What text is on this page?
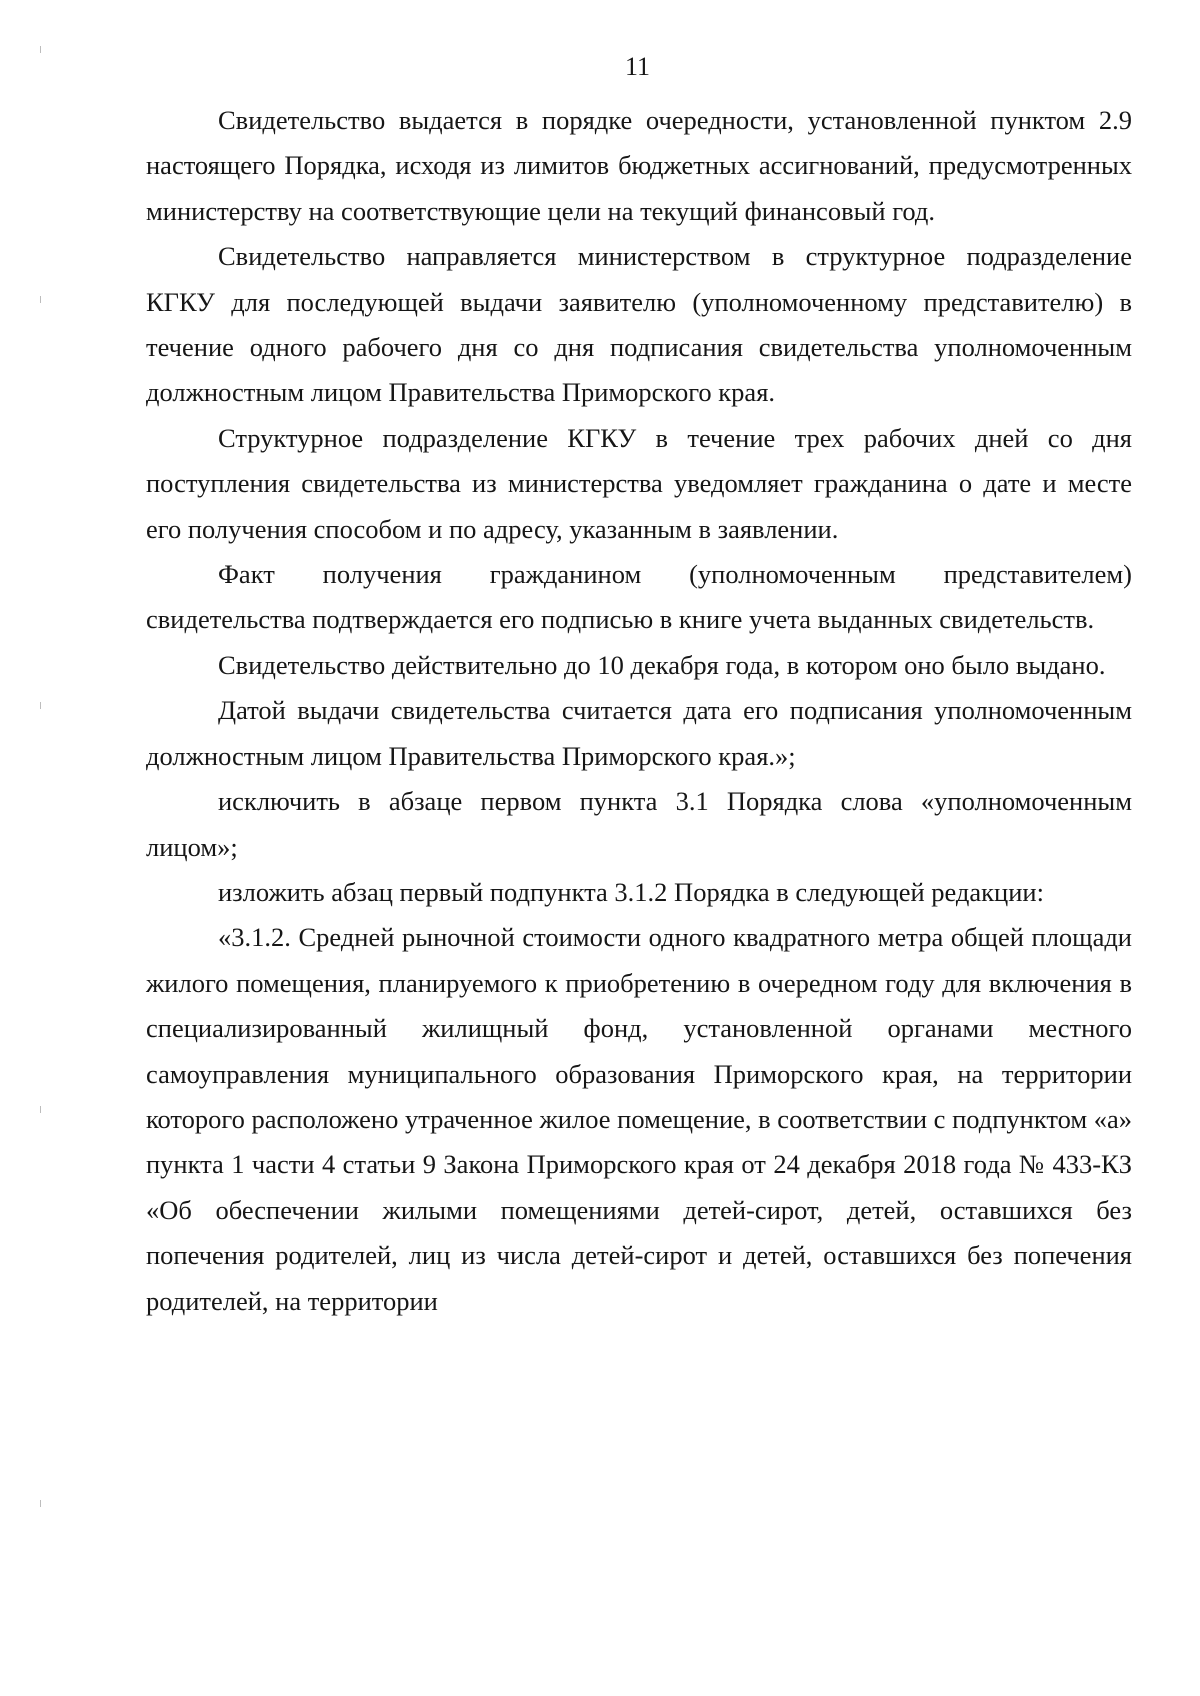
11

Свидетельство выдается в порядке очередности, установленной пунктом 2.9 настоящего Порядка, исходя из лимитов бюджетных ассигнований, предусмотренных министерству на соответствующие цели на текущий финансовый год.

Свидетельство направляется министерством в структурное подразделение КГКУ для последующей выдачи заявителю (уполномоченному представителю) в течение одного рабочего дня со дня подписания свидетельства уполномоченным должностным лицом Правительства Приморского края.

Структурное подразделение КГКУ в течение трех рабочих дней со дня поступления свидетельства из министерства уведомляет гражданина о дате и месте его получения способом и по адресу, указанным в заявлении.

Факт получения гражданином (уполномоченным представителем) свидетельства подтверждается его подписью в книге учета выданных свидетельств.

Свидетельство действительно до 10 декабря года, в котором оно было выдано.

Датой выдачи свидетельства считается дата его подписания уполномоченным должностным лицом Правительства Приморского края.»;

исключить в абзаце первом пункта 3.1 Порядка слова «уполномоченным лицом»;

изложить абзац первый подпункта 3.1.2 Порядка в следующей редакции:

«3.1.2. Средней рыночной стоимости одного квадратного метра общей площади жилого помещения, планируемого к приобретению в очередном году для включения в специализированный жилищный фонд, установленной органами местного самоуправления муниципального образования Приморского края, на территории которого расположено утраченное жилое помещение, в соответствии с подпунктом «а» пункта 1 части 4 статьи 9 Закона Приморского края от 24 декабря 2018 года № 433-КЗ «Об обеспечении жилыми помещениями детей-сирот, детей, оставшихся без попечения родителей, лиц из числа детей-сирот и детей, оставшихся без попечения родителей, на территории
